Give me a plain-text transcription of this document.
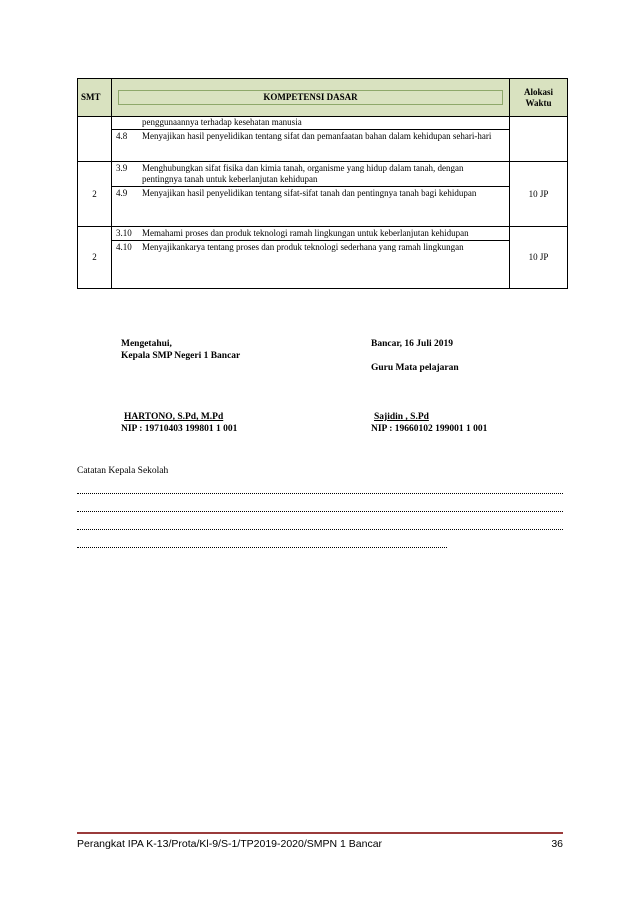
SMT	KOMPETENSI DASAR	Alokasi
Waktu

	penggunaannya terhadap kesehatan manusia
4.8 Menyajikan hasil penyelidikan tentang sifat dan pemanfaatan bahan dalam kehidupan sehari-hari	

2	3.9 Menghubungkan sifat fisika dan kimia tanah, organisme yang hidup dalam tanah, dengan pentingnya tanah untuk keberlanjutan kehidupan
4.9 Menyajikan hasil penyelidikan tentang sifat-sifat tanah dan pentingnya tanah bagi kehidupan	10 JP
2	3.10 Memahami proses dan produk teknologi ramah lingkungan untuk keberlanjutan kehidupan
4.10 Menyajikankarya tentang proses dan produk teknologi sederhana yang ramah lingkungan	10 JP
Mengetahui,
Kepala SMP Negeri 1 Bancar
Bancar, 16 Juli 2019
Guru Mata pelajaran
HARTONO, S.Pd, M.Pd
NIP : 19710403 199801 1 001
Sajidin , S.Pd
NIP : 19660102 199001 1 001
Catatan Kepala Sekolah
Perangkat IPA K-13/Prota/Kl-9/S-1/TP2019-2020/SMPN 1 Bancar	36
